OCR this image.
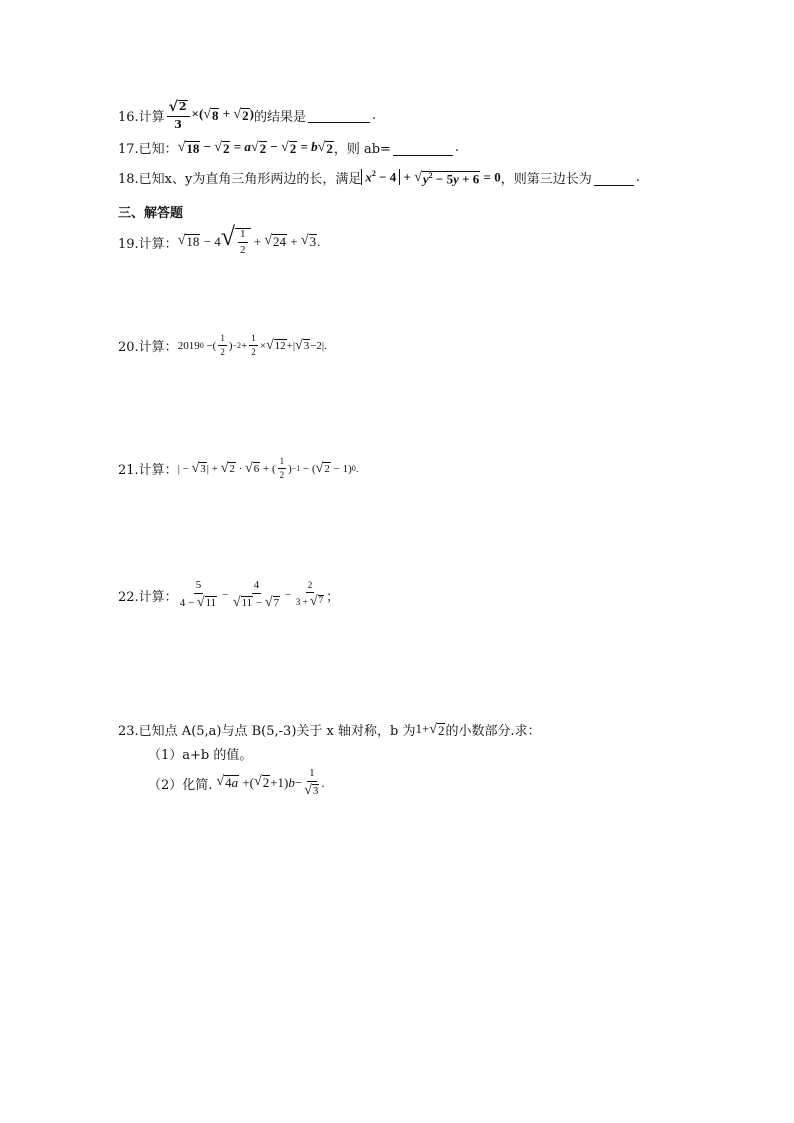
16.计算 $\frac{√ 2}{3}$ ×( √ 8 + √ 2 ) 的结果是
	.
17.已知： √ 18 − √ 2 = a √ 2 − √ 2 = b √ 2 ，则 ab=
	.
18.已知x、y为直角三角形两边的长，满足 $x^2 - 4$ + √ $y^2 - 5y + 6 = 0$ ，则第三边长为
	.
三、解答题
19.计算： √ 18 − 4 √ $\frac{1}{2}$ + √ 24 + √ 3 .
20.计算： 2019 0 −( $\frac{1}{2}$ ) $-2 + \frac{1}{2}$ × √ 12 +| √ 3 −2|.
21.计算： | − √ 3 | + √ 2 · √ 6 + ( $\frac{1}{2}$ ) −1 − ( √ 2 − 1) 0 .
22.计算： $\frac{5}{4 - √ 11} - \frac{4}{√ 11 - √ 7} - \frac{2}{3 + √ 7}$ ；
23.已知点 A(5,a)与点 B(5,-3)关于 x 轴对称，b 为 1+ √ 2 的小数部分.求：
（1）a+b 的值。
（2）化简. √ 4a +( √ 2 +1) $b - \frac{1}{√ 3}$ .
